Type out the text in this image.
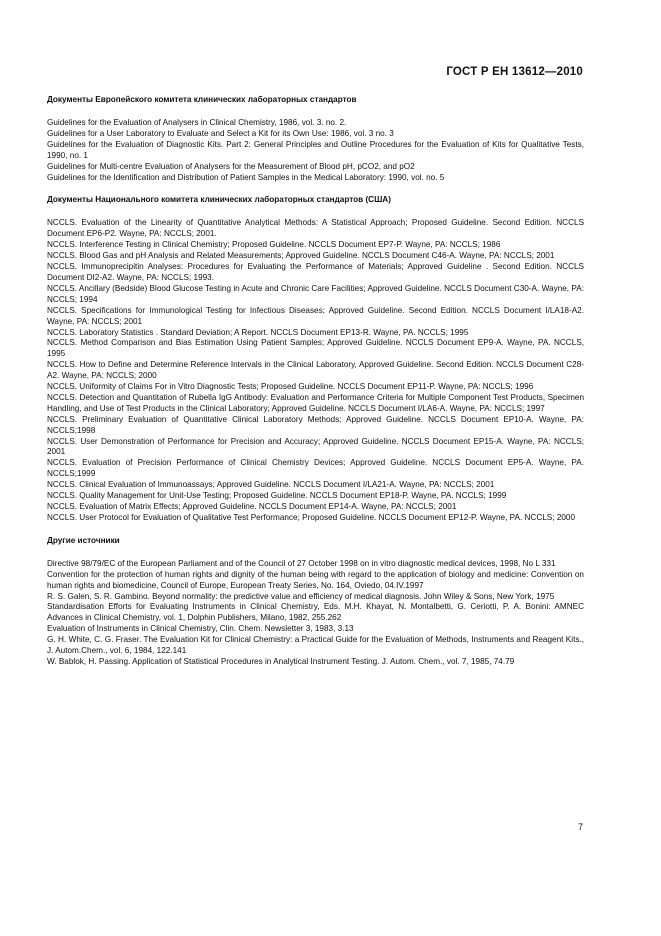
ГОСТ Р ЕН 13612—2010
Документы Европейского комитета клинических лабораторных стандартов

Guidelines for the Evaluation of Analysers in Clinical Chemistry, 1986, vol. 3. no. 2.

Guidelines for a User Laboratory to Evaluate and Select a Kit for its Own Use: 1986, vol. 3 no. 3

Guidelines for the Evaluation of Diagnostic Kits. Part 2: General Principles and Outline Procedures for the Evaluation of Kits for Qualitative Tests, 1990, no. 1

Guidelines for Multi-centre Evaluation of Analysers for the Measurement of Blood pH, pCO2, and pO2

Guidelines for the Identification and Distribution of Patient Samples in the Medical Laboratory: 1990, vol. no. 5

Документы Национального комитета клинических лабораторных стандартов (США)

NCCLS. Evaluation of the Linearity of Quantitative Analytical Methods: A Statistical Approach; Proposed Guideline. Second Edition. NCCLS Document EP6-P2. Wayne, PA: NCCLS; 2001.

NCCLS. Interference Testing in Clinical Chemistry; Proposed Guideline. NCCLS Document EP7-P. Wayne, PA: NCCLS; 1986

NCCLS. Blood Gas and pH Analysis and Related Measurements; Approved Guideline. NCCLS Document C46-A. Wayne, PA: NCCLS; 2001

NCCLS. Immunoprecipitin Analyses: Procedures for Evaluating the Performance of Materials; Approved Guideline . Second Edition. NCCLS Document DI2-A2. Wayne, PA: NCCLS; 1993.

NCCLS. Ancillary (Bedside) Blood Glucose Testing in Acute and Chronic Care Facilities; Approved Guideline. NCCLS Document C30-A. Wayne, PA: NCCLS; 1994

NCCLS. Specifications for Immunological Testing for Infectious Diseases; Approved Guideline. Second Edition. NCCLS Document I/LA18-A2. Wayne, PA: NCCLS; 2001

NCCLS. Laboratory Statistics . Standard Deviation; A Report. NCCLS Document EP13-R. Wayne, PA. NCCLS; 1995

NCCLS. Method Comparison and Bias Estimation Using Patient Samples; Approved Guideline. NCCLS Document EP9-A. Wayne, PA. NCCLS, 1995

NCCLS. How to Define and Determine Reference Intervals in the Clinical Laboratory, Approved Guideline. Second Edition. NCCLS Document C28-A2. Wayne, PA: NCCLS; 2000

NCCLS. Uniformity of Claims For in Vitro Diagnostic Tests; Proposed Guideline. NCCLS Document EP11-P. Wayne, PA: NCCLS; 1996

NCCLS. Detection and Quantitation of Rubella IgG Antibody: Evaluation and Performance Criteria for Multiple Component Test Products, Specimen Handling, and Use of Test Products in the Clinical Laboratory; Approved Guideline. NCCLS Document I/LA6-A. Wayne, PA: NCCLS; 1997

NCCLS. Preliminary Evaluation of Quantitative Clinical Laboratory Methods; Approved Guideline. NCCLS Document EP10-A. Wayne, PA: NCCLS;1998

NCCLS. User Demonstration of Performance for Precision and Accuracy; Approved Guideline. NCCLS Document EP15-A. Wayne, PA: NCCLS; 2001

NCCLS. Evaluation of Precision Performance of Clinical Chemistry Devices; Approved Guideline. NCCLS Document EP5-A. Wayne, PA. NCCLS;1999

NCCLS. Clinical Evaluation of Immunoassays; Approved Guideline. NCCLS Document I/LA21-A. Wayne, PA: NCCLS; 2001

NCCLS. Quality Management for Unit-Use Testing; Proposed Guideline. NCCLS Document EP18-P. Wayne, PA. NCCLS; 1999

NCCLS. Evaluation of Matrix Effects; Approved Guideline. NCCLS Document EP14-A. Wayne, PA: NCCLS; 2001

NCCLS. User Protocol for Evaluation of Qualitative Test Performance; Proposed Guideline. NCCLS Document EP12-P. Wayne, PA. NCCLS; 2000

Другие источники

Directive 98/79/EC of the European Parliament and of the Council of 27 October 1998 on in vitro diagnostic medical devices, 1998, No L 331

Convention for the protection of human rights and dignity of the human being with regard to the application of biology and medicine: Convention on human rights and biomedicine, Council of Europe, European Treaty Series, No. 164, Oviedo, 04.IV.1997

R. S. Galen, S. R. Gambino. Beyond normality: the predictive value and efficiency of medical diagnosis. John Wiley & Sons, New York, 1975

Standardisation Efforts for Evaluating Instruments in Clinical Chemistry, Eds. M.H. Khayat, N. Montalbetti, G. Ceriotti, P. A. Bonini: AMNEC Advances in Clinical Chemistry, vol. 1, Dolphin Publishers, Milano, 1982, 255.262

Evaluation of Instruments in Clinical Chemistry, Clin. Chem. Newsletter 3, 1983, 3.13

G. H. White, C. G. Fraser. The Evaluation Kit for Clinical Chemistry: a Practical Guide for the Evaluation of Methods, Instruments and Reagent Kits., J. Autom.Chem., vol. 6, 1984, 122.141

W. Bablok, H. Passing. Application of Statistical Procedures in Analytical Instrument Testing. J. Autom. Chem., vol. 7, 1985, 74.79

7
